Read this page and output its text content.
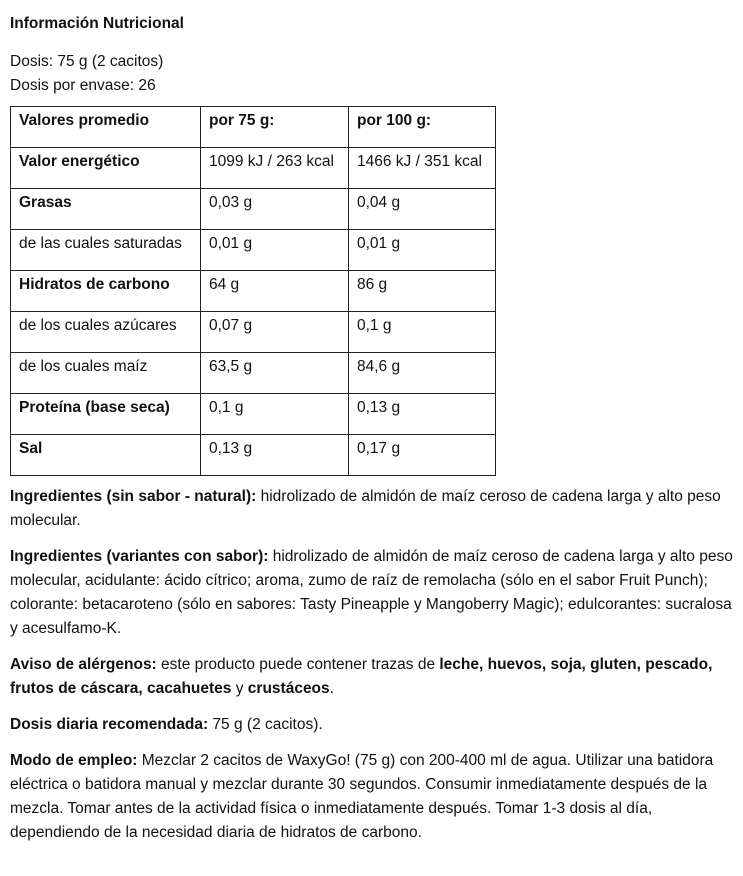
Información Nutricional
Dosis: 75 g (2 cacitos)
Dosis por envase: 26
Valores promedio	por 75 g:	por 100 g:
Valor energético	1099 kJ / 263 kcal	1466 kJ / 351 kcal
Grasas	0,03 g	0,04 g
de las cuales saturadas	0,01 g	0,01 g
Hidratos de carbono	64 g	86 g
de los cuales azúcares	0,07 g	0,1 g
de los cuales maíz	63,5 g	84,6 g
Proteína (base seca)	0,1 g	0,13 g
Sal	0,13 g	0,17 g

Ingredientes (sin sabor - natural): hidrolizado de almidón de maíz ceroso de cadena larga y alto peso molecular.

Ingredientes (variantes con sabor): hidrolizado de almidón de maíz ceroso de cadena larga y alto peso molecular, acidulante: ácido cítrico; aroma, zumo de raíz de remolacha (sólo en el sabor Fruit Punch); colorante: betacaroteno (sólo en sabores: Tasty Pineapple y Mangoberry Magic); edulcorantes: sucralosa y acesulfamo-K.

Aviso de alérgenos: este producto puede contener trazas de leche, huevos, soja, gluten, pescado, frutos de cáscara, cacahuetes y crustáceos.

Dosis diaria recomendada: 75 g (2 cacitos).

Modo de empleo: Mezclar 2 cacitos de WaxyGo! (75 g) con 200-400 ml de agua. Utilizar una batidora eléctrica o batidora manual y mezclar durante 30 segundos. Consumir inmediatamente después de la mezcla. Tomar antes de la actividad física o inmediatamente después. Tomar 1-3 dosis al día, dependiendo de la necesidad diaria de hidratos de carbono.
